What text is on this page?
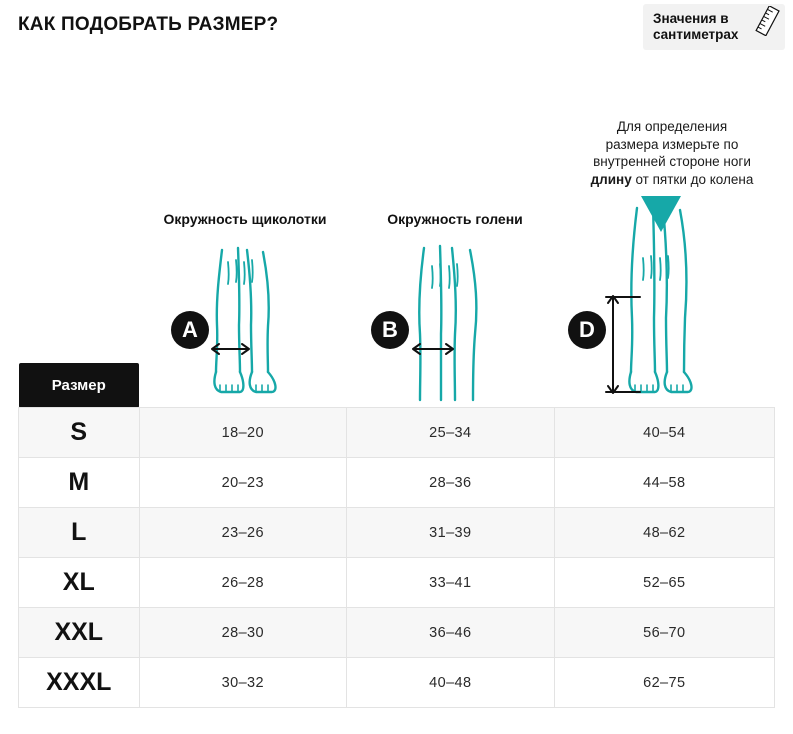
КАК ПОДОБРАТЬ РАЗМЕР?	Значения в сантиметрах
Для определения
размера измерьте по
внутренней стороне ноги
длину от пятки до колена
Окружность щиколотки	Окружность голени
A	B	D
Размер			
S	18–20	25–34	40–54
M	20–23	28–36	44–58
L	23–26	31–39	48–62
XL	26–28	33–41	52–65
XXL	28–30	36–46	56–70
XXXL	30–32	40–48	62–75
